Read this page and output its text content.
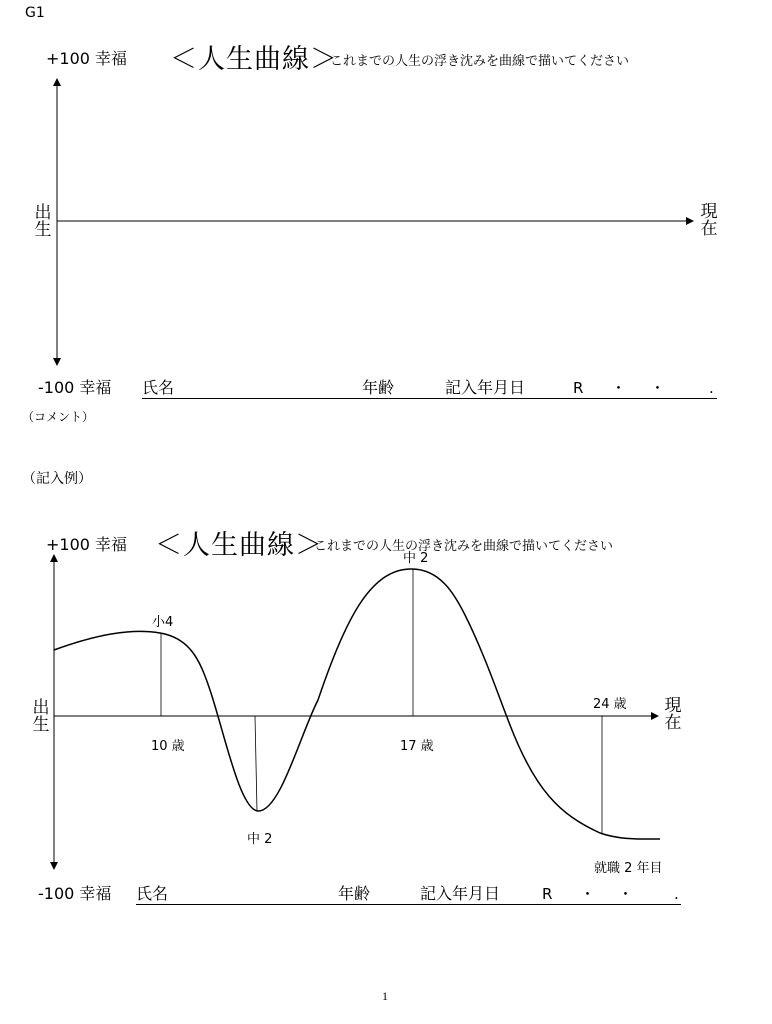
G1
+100 幸福 ＜人生曲線＞
これまでの人生の浮き沈みを曲線で描いてください
出生
現在
-100 幸福 氏名	年齢	記入年月日	R ・ ・	.
（コメント）
（記入例）
+100 幸福 ＜人生曲線＞
これまでの人生の浮き沈みを曲線で描いてください
出生
現在
小4
10 歳
中 2
中 2
17 歳
24 歳
就職 2 年目
-100 幸福 氏名	年齢	記入年月日	R ・ ・	.
1
